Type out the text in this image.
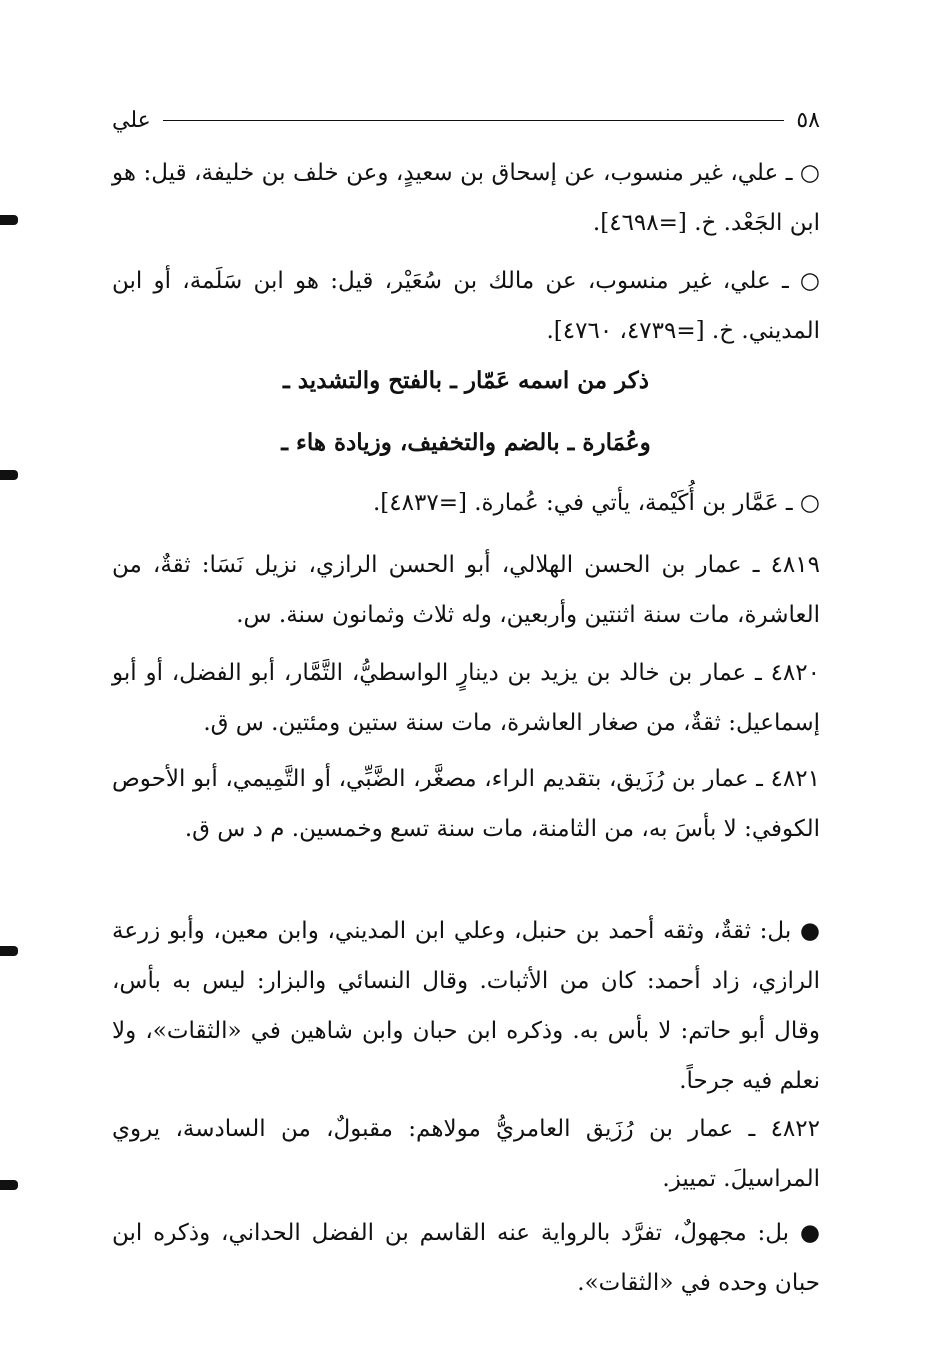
٥٨
علي

○ ـ علي، غير منسوب، عن إسحاق بن سعيدٍ، وعن خلف بن خليفة، قيل: هو ابن الجَعْد. خ. [=٤٦٩٨].

○ ـ علي، غير منسوب، عن مالك بن سُعَيْر، قيل: هو ابن سَلَمة، أو ابن المديني. خ. [=٤٧٣٩، ٤٧٦٠].

ذكر من اسمه عَمّار ـ بالفتح والتشديد ـ
وعُمَارة ـ بالضم والتخفيف، وزيادة هاء ـ

○ ـ عَمَّار بن أُكَيْمة، يأتي في: عُمارة. [=٤٨٣٧].

٤٨١٩ ـ عمار بن الحسن الهلالي، أبو الحسن الرازي، نزيل نَسَا: ثقةٌ، من العاشرة، مات سنة اثنتين وأربعين، وله ثلاث وثمانون سنة. س.

٤٨٢٠ ـ عمار بن خالد بن يزيد بن دينارٍ الواسطيُّ، التَّمَّار، أبو الفضل، أو أبو إسماعيل: ثقةٌ، من صغار العاشرة، مات سنة ستين ومئتين. س ق.

٤٨٢١ ـ عمار بن رُزَيق، بتقديم الراء، مصغَّر، الضَّبِّي، أو التَّمِيمي، أبو الأحوص الكوفي: لا بأسَ به، من الثامنة، مات سنة تسع وخمسين. م د س ق.

● بل: ثقةٌ، وثقه أحمد بن حنبل، وعلي ابن المديني، وابن معين، وأبو زرعة الرازي، زاد أحمد: كان من الأثبات. وقال النسائي والبزار: ليس به بأس، وقال أبو حاتم: لا بأس به. وذكره ابن حبان وابن شاهين في «الثقات»، ولا نعلم فيه جرحاً.

٤٨٢٢ ـ عمار بن رُزَيق العامريُّ مولاهم: مقبولٌ، من السادسة، يروي المراسيلَ. تمييز.

● بل: مجهولٌ، تفرَّد بالرواية عنه القاسم بن الفضل الحداني، وذكره ابن حبان وحده في «الثقات».
